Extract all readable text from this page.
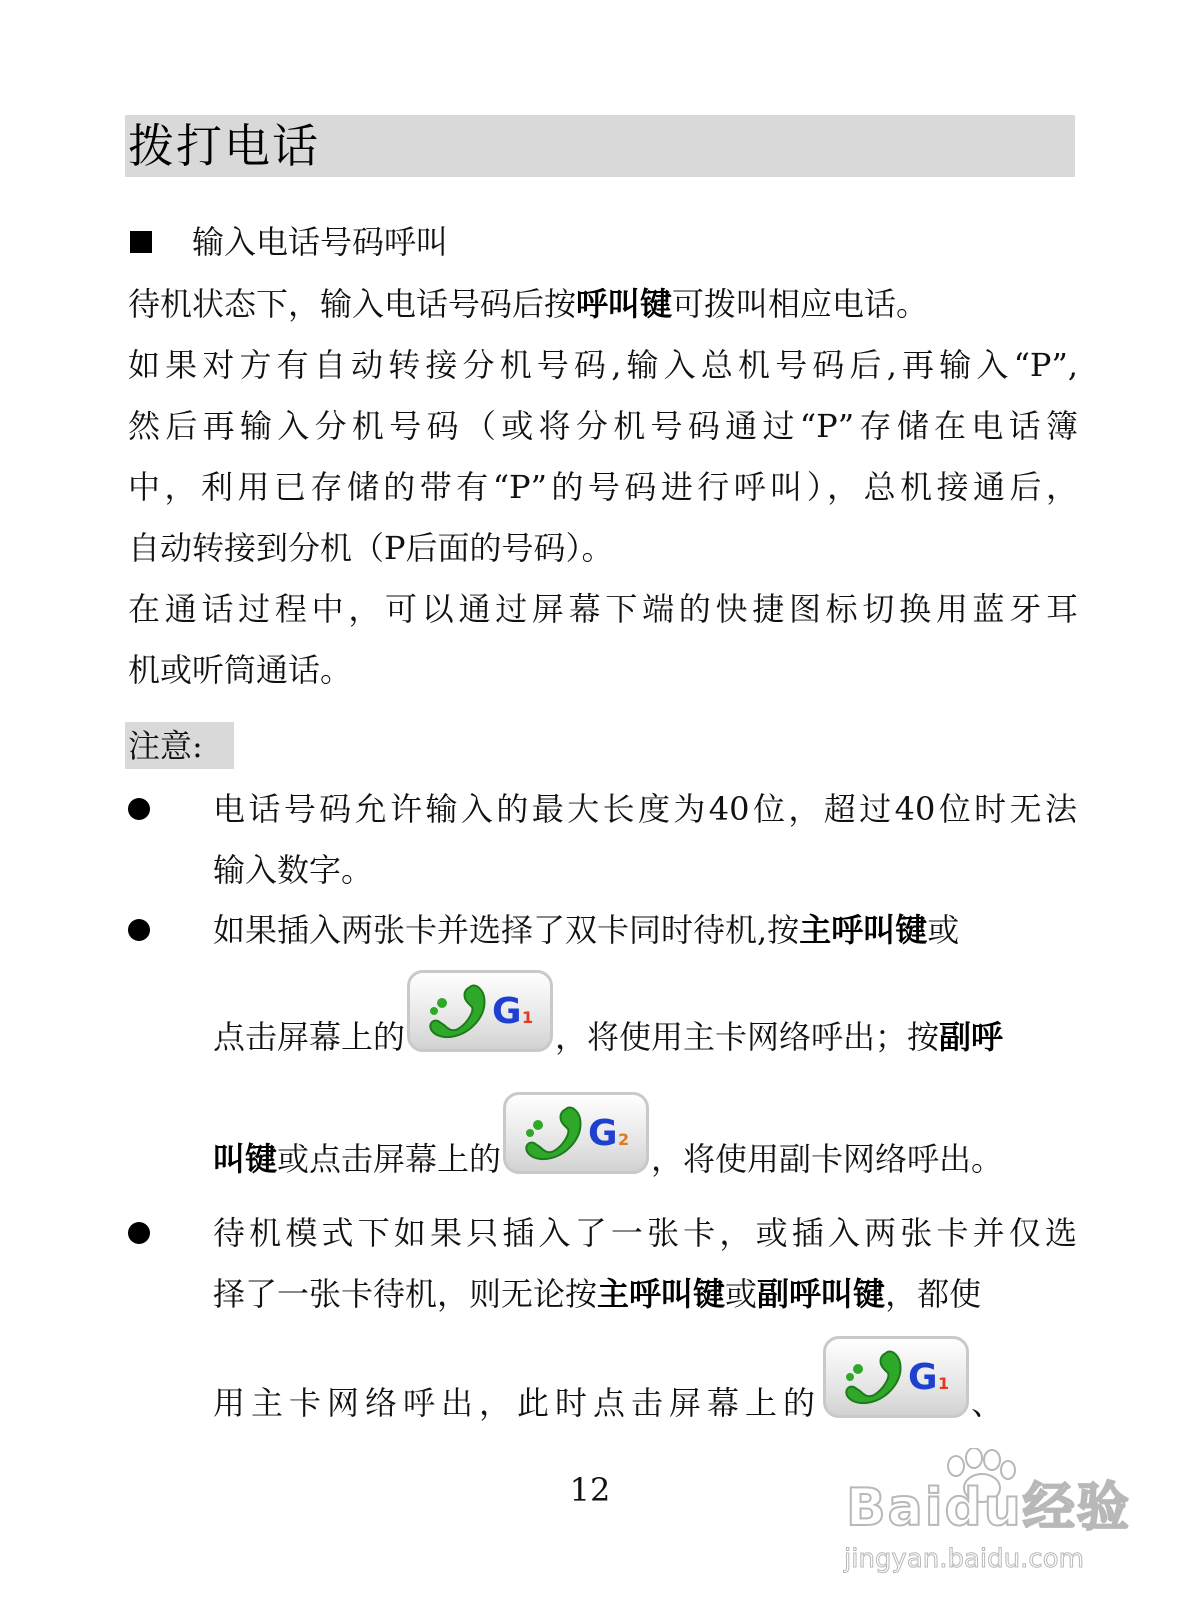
拨打电话
输入电话号码呼叫
待机状态下，输入电话号码后按呼叫键可拨叫相应电话。
如果对方有自动转接分机号码,输入总机号码后,再输入“P”,
然后再输入分机号码（或将分机号码通过“P”存储在电话簿
中，利用已存储的带有“P”的号码进行呼叫），总机接通后，
自动转接到分机（P后面的号码）。
在通话过程中，可以通过屏幕下端的快捷图标切换用蓝牙耳
机或听筒通话。
注意:
电话号码允许输入的最大长度为40位，超过40位时无法
输入数字。
如果插入两张卡并选择了双卡同时待机,按主呼叫键或
点击屏幕上的
G 1
，将使用主卡网络呼出；按副呼
叫键或点击屏幕上的
G 2
，将使用副卡网络呼出。
待机模式下如果只插入了一张卡，或插入两张卡并仅选
择了一张卡待机，则无论按主呼叫键或副呼叫键，都使
用主卡网络呼出，此时点击屏幕上的
G 1
、
12	Baidu经验
jingyan.baidu.com
